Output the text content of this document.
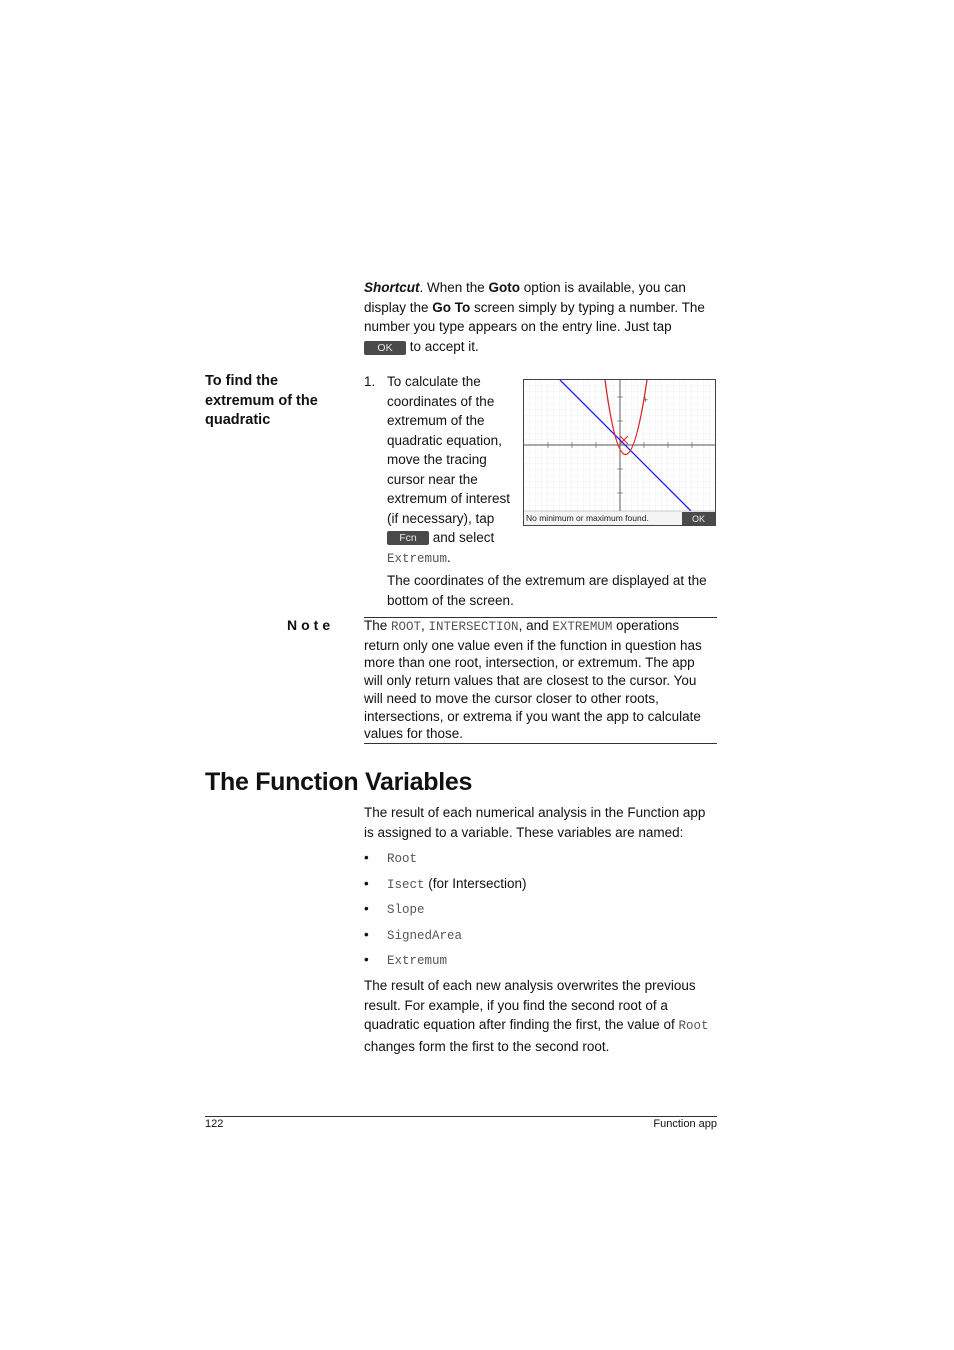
Shortcut. When the Goto option is available, you can display the Go To screen simply by typing a number. The number you type appears on the entry line. Just tap
OK to accept it.
To find the extremum of the quadratic
1. To calculate the coordinates of the extremum of the quadratic equation, move the tracing cursor near the extremum of interest (if necessary), tap Fcn and select
Extremum.
+
No minimum or maximum found.	OK
The coordinates of the extremum are displayed at the bottom of the screen.
Note The ROOT, INTERSECTION, and EXTREMUM operations return only one value even if the function in question has more than one root, intersection, or extremum. The app will only return values that are closest to the cursor. You will need to move the cursor closer to other roots, intersections, or extrema if you want the app to calculate values for those.
The Function Variables
The result of each numerical analysis in the Function app is assigned to a variable. These variables are named:
•	Root
•	Isect (for Intersection)
•	Slope
•	SignedArea
•	Extremum
The result of each new analysis overwrites the previous result. For example, if you find the second root of a quadratic equation after finding the first, the value of Root changes form the first to the second root.
122	Function app
